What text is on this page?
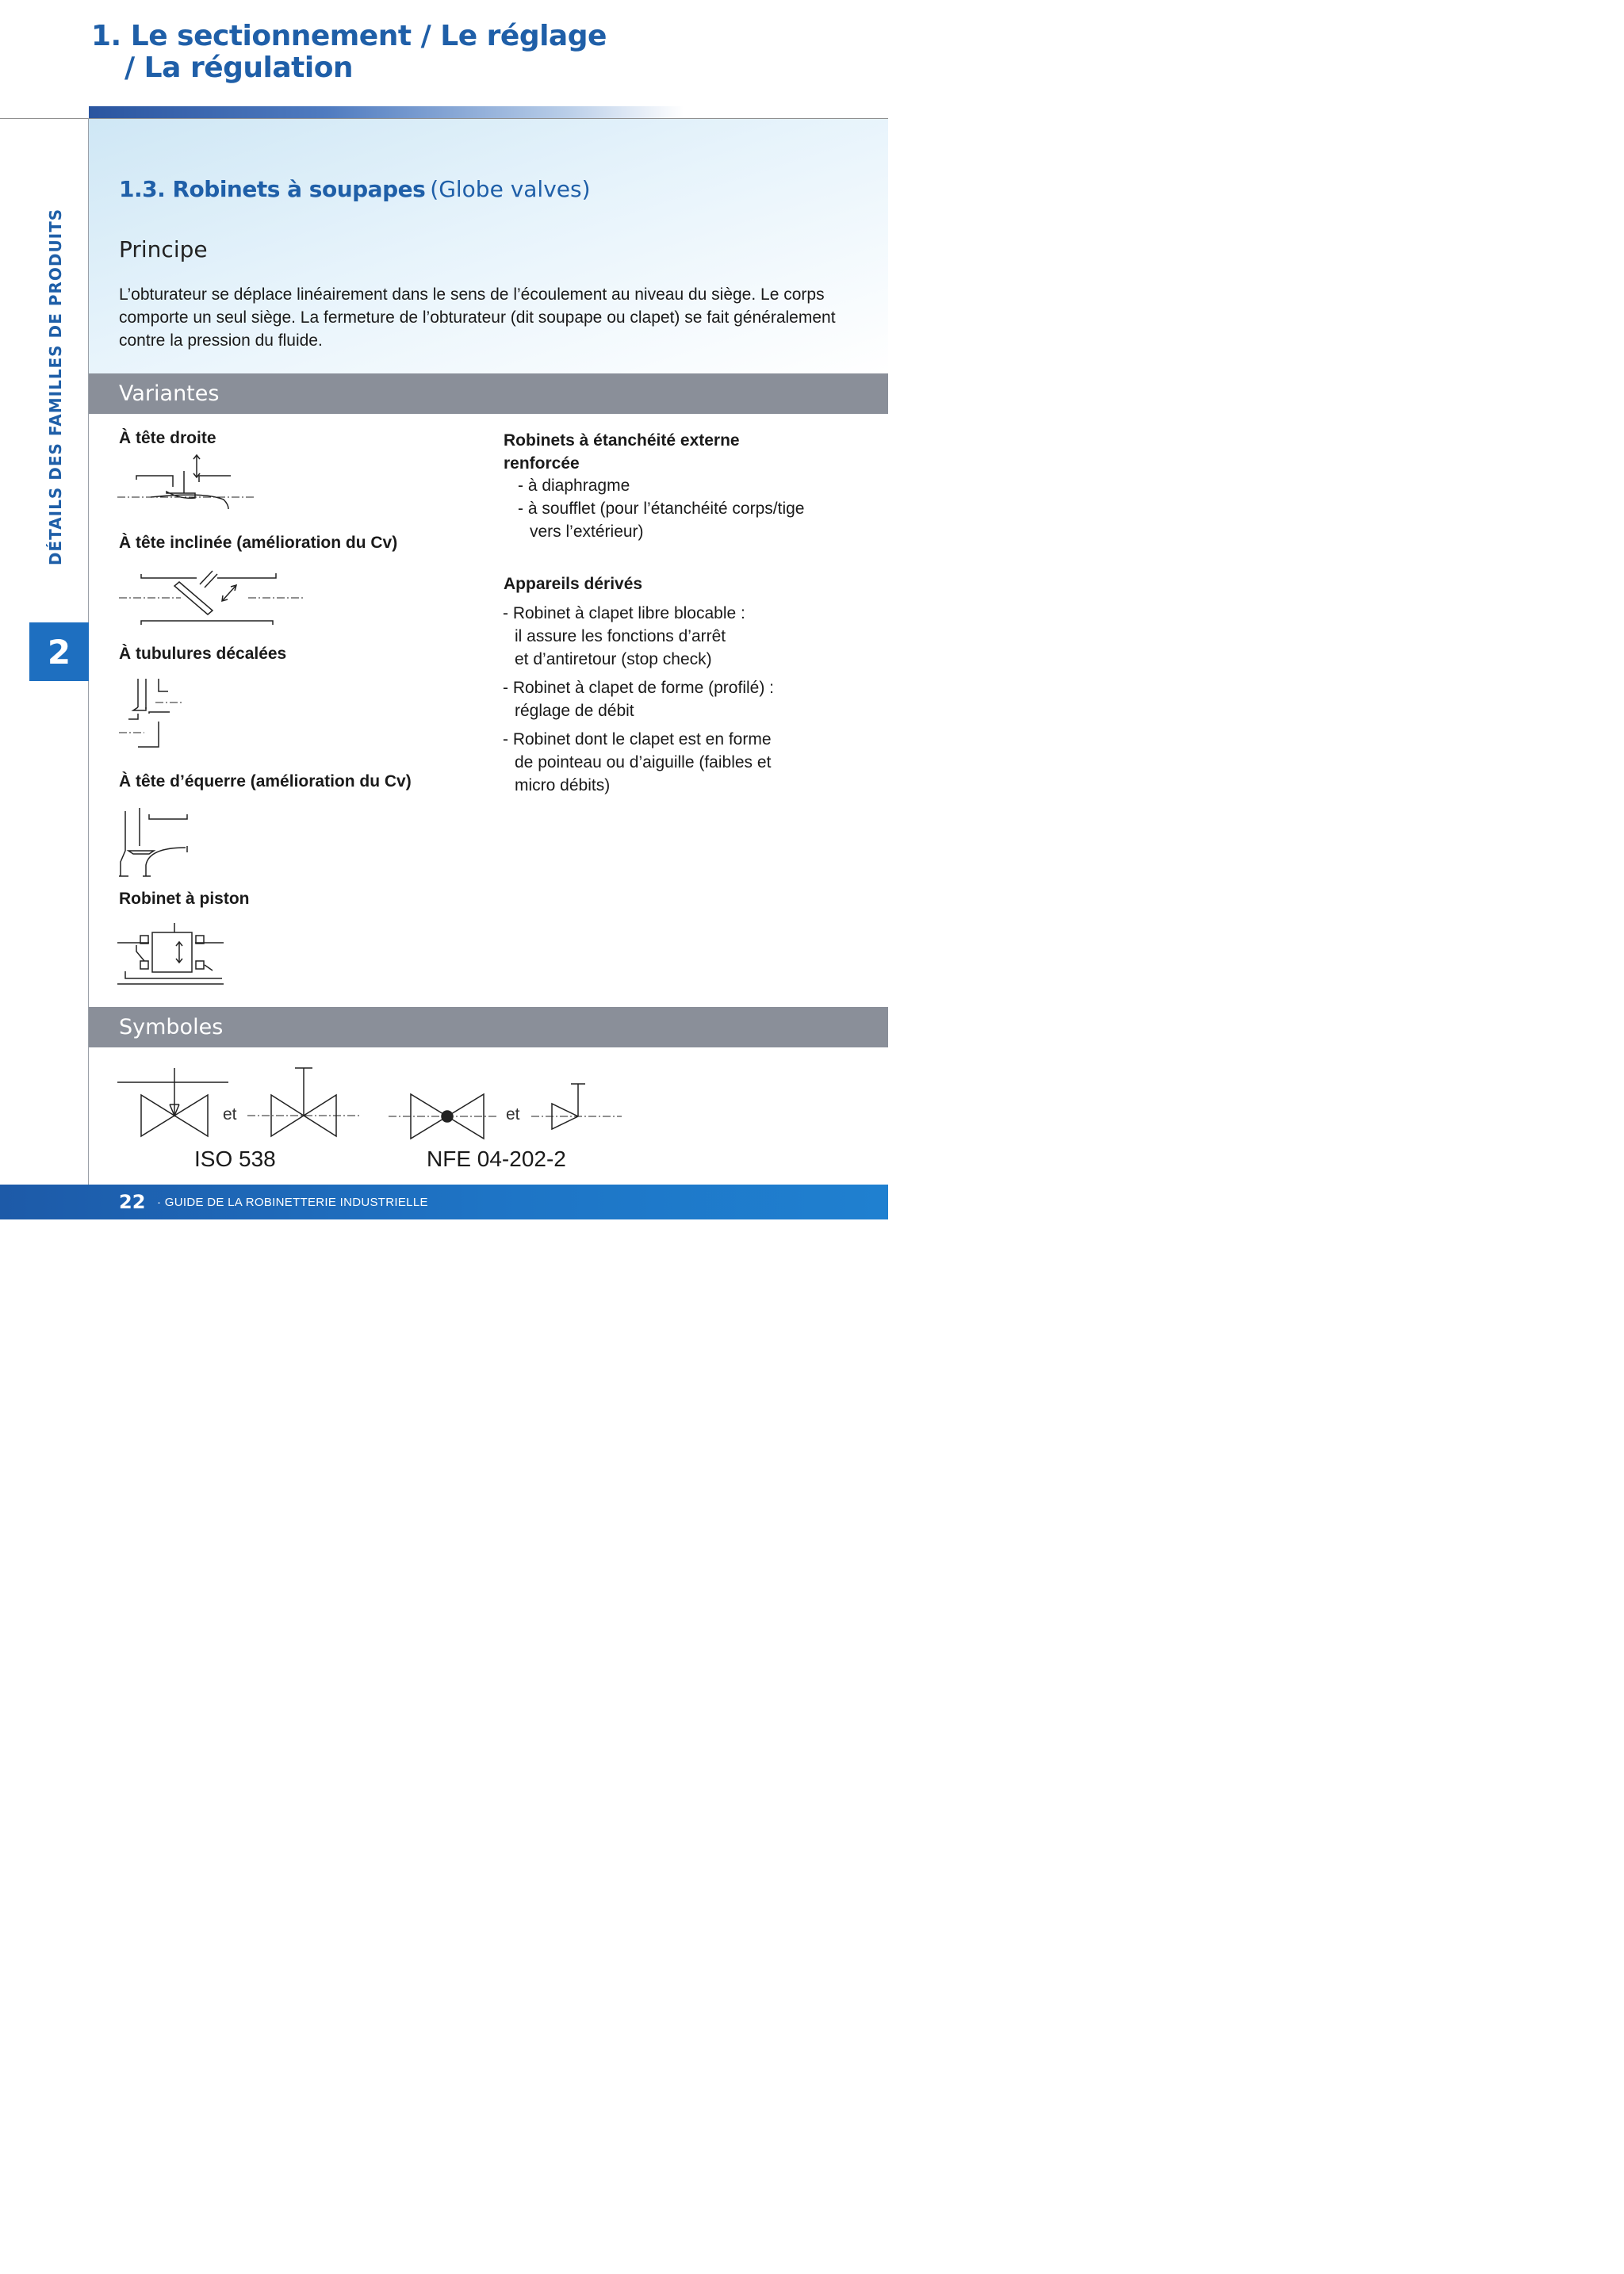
1. Le sectionnement / Le réglage
/ La régulation
DÉTAILS DES FAMILLES DE PRODUITS
2
1.3. Robinets à soupapes (Globe valves)
Principe

L’obturateur se déplace linéairement dans le sens de l’écoulement au niveau du siège. Le corps comporte un seul siège. La fermeture de l’obturateur (dit soupape ou clapet) se fait généralement contre la pression du fluide.

Variantes
À tête droite
À tête inclinée (amélioration du Cv)
À tubulures décalées
À tête d’équerre (amélioration du Cv)
Robinet à piston
Robinets à étanchéité externe
renforcée
- à diaphragme
- à soufflet (pour l’étanchéité corps/tige
vers l’extérieur)
Appareils dérivés
- Robinet à clapet libre blocable :
il assure les fonctions d’arrêt
et d’antiretour (stop check)
- Robinet à clapet de forme (profilé) :
réglage de débit
- Robinet dont le clapet est en forme
de pointeau ou d’aiguille (faibles et
micro débits)
Symboles
et
ISO 538
et
NFE 04-202-2
22 · GUIDE DE LA ROBINETTERIE INDUSTRIELLE
